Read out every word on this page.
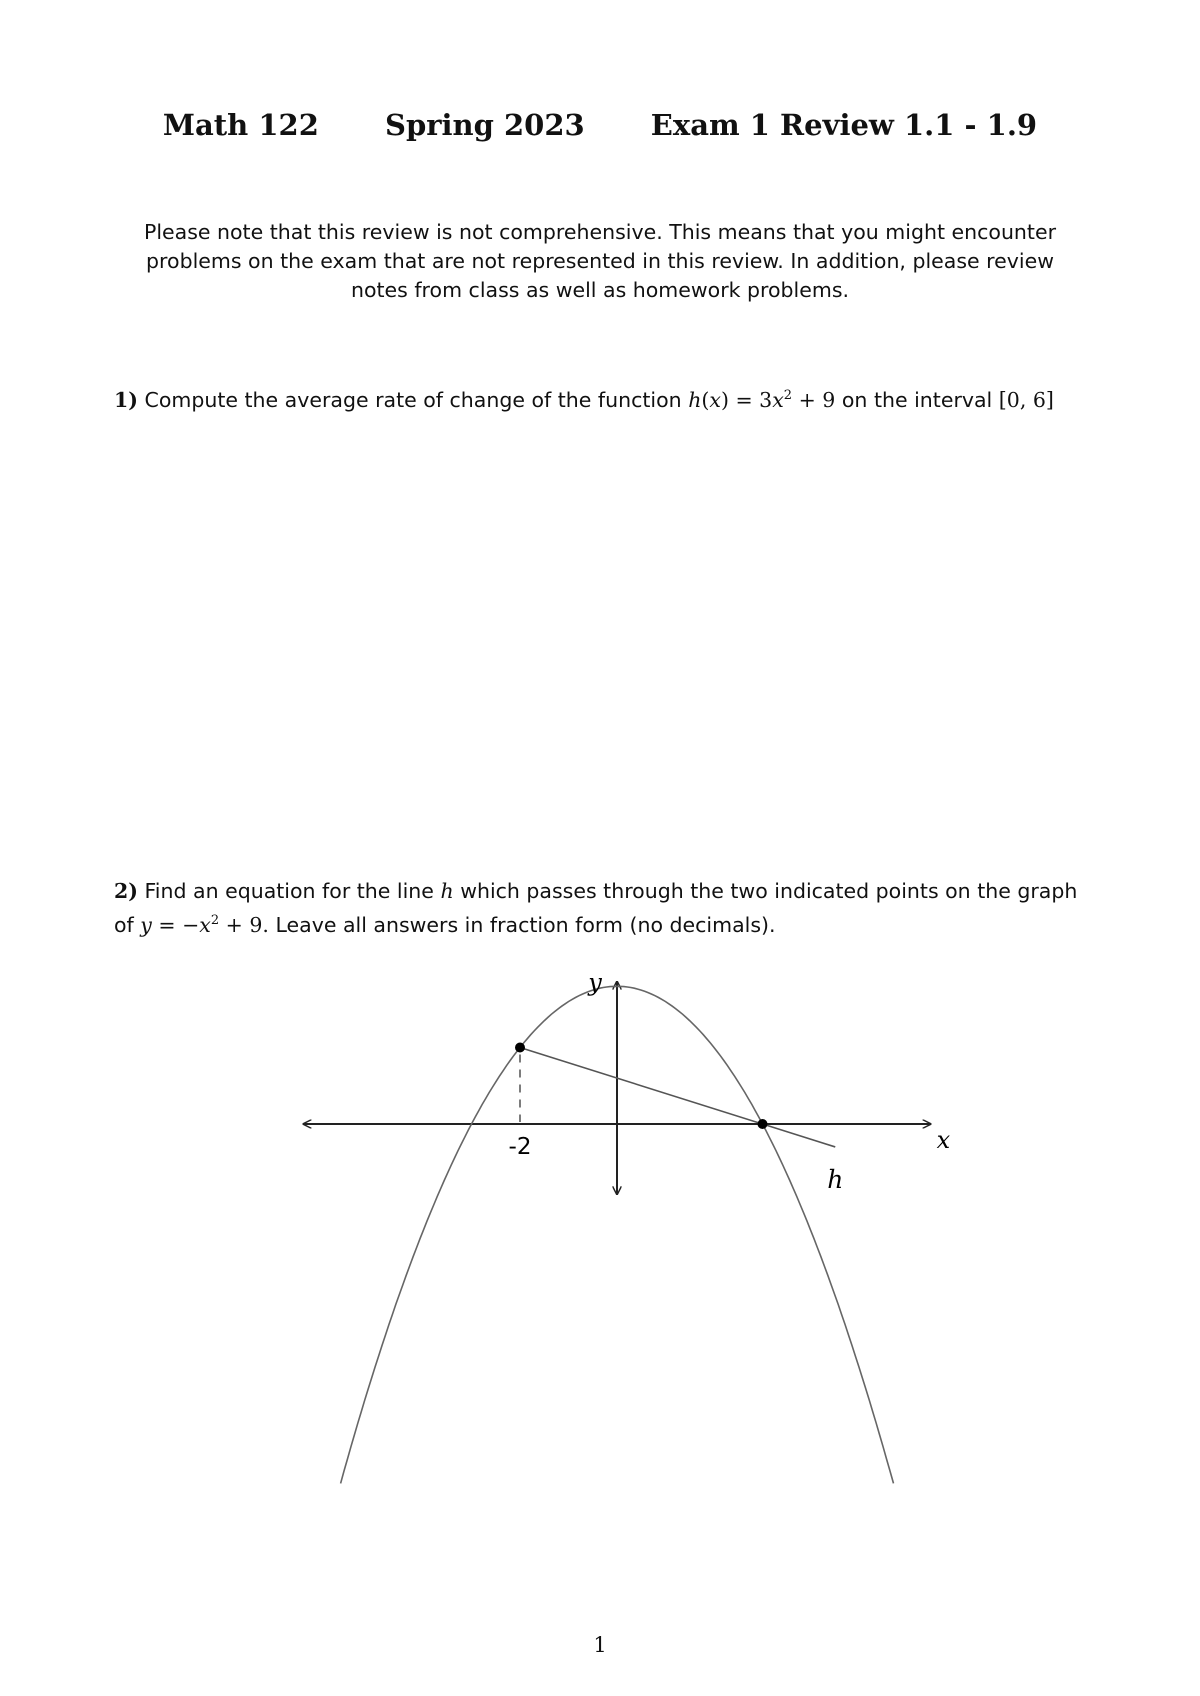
Math 122 Spring 2023 Exam 1 Review 1.1 - 1.9
Please note that this review is not comprehensive. This means that you might encounter
problems on the exam that are not represented in this review. In addition, please review
notes from class as well as homework problems.
1) Compute the average rate of change of the function $h(x) = 3x^2 + 9$ on the interval [0, 6]
2) Find an equation for the line h which passes through the two indicated points on the graph
of $y = -x^2 + 9$. Leave all answers in fraction form (no decimals).
y
x
h
-2
1
